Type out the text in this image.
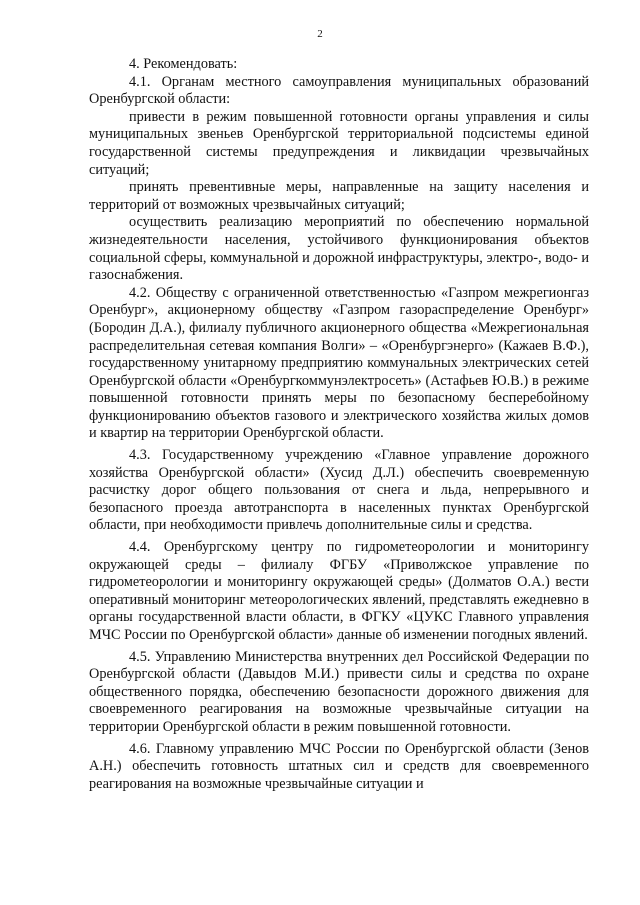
2

4. Рекомендовать:

4.1. Органам местного самоуправления муниципальных образований Оренбургской области:

привести в режим повышенной готовности органы управления и силы муниципальных звеньев Оренбургской территориальной подсистемы единой государственной системы предупреждения и ликвидации чрезвычайных ситуаций;

принять превентивные меры, направленные на защиту населения и территорий от возможных чрезвычайных ситуаций;

осуществить реализацию мероприятий по обеспечению нормальной жизнедеятельности населения, устойчивого функционирования объектов социальной сферы, коммунальной и дорожной инфраструктуры, электро-, водо- и газоснабжения.

4.2. Обществу с ограниченной ответственностью «Газпром межрегионгаз Оренбург», акционерному обществу «Газпром газораспределение Оренбург» (Бородин Д.А.), филиалу публичного акционерного общества «Межрегиональная распределительная сетевая компания Волги» – «Оренбургэнерго» (Кажаев В.Ф.), государственному унитарному предприятию коммунальных электрических сетей Оренбургской области «Оренбургкоммунэлектросеть» (Астафьев Ю.В.) в режиме повышенной готовности принять меры по безопасному бесперебойному функционированию объектов газового и электрического хозяйства жилых домов и квартир на территории Оренбургской области.

4.3. Государственному учреждению «Главное управление дорожного хозяйства Оренбургской области» (Хусид Д.Л.) обеспечить своевременную расчистку дорог общего пользования от снега и льда, непрерывного и безопасного проезда автотранспорта в населенных пунктах Оренбургской области, при необходимости привлечь дополнительные силы и средства.

4.4. Оренбургскому центру по гидрометеорологии и мониторингу окружающей среды – филиалу ФГБУ «Приволжское управление по гидрометеорологии и мониторингу окружающей среды» (Долматов О.А.) вести оперативный мониторинг метеорологических явлений, представлять ежедневно в органы государственной власти области, в ФГКУ «ЦУКС Главного управления МЧС России по Оренбургской области» данные об изменении погодных явлений.

4.5. Управлению Министерства внутренних дел Российской Федерации по Оренбургской области (Давыдов М.И.) привести силы и средства по охране общественного порядка, обеспечению безопасности дорожного движения для своевременного реагирования на возможные чрезвычайные ситуации на территории Оренбургской области в режим повышенной готовности.

4.6. Главному управлению МЧС России по Оренбургской области (Зенов А.Н.) обеспечить готовность штатных сил и средств для своевременного реагирования на возможные чрезвычайные ситуации и
